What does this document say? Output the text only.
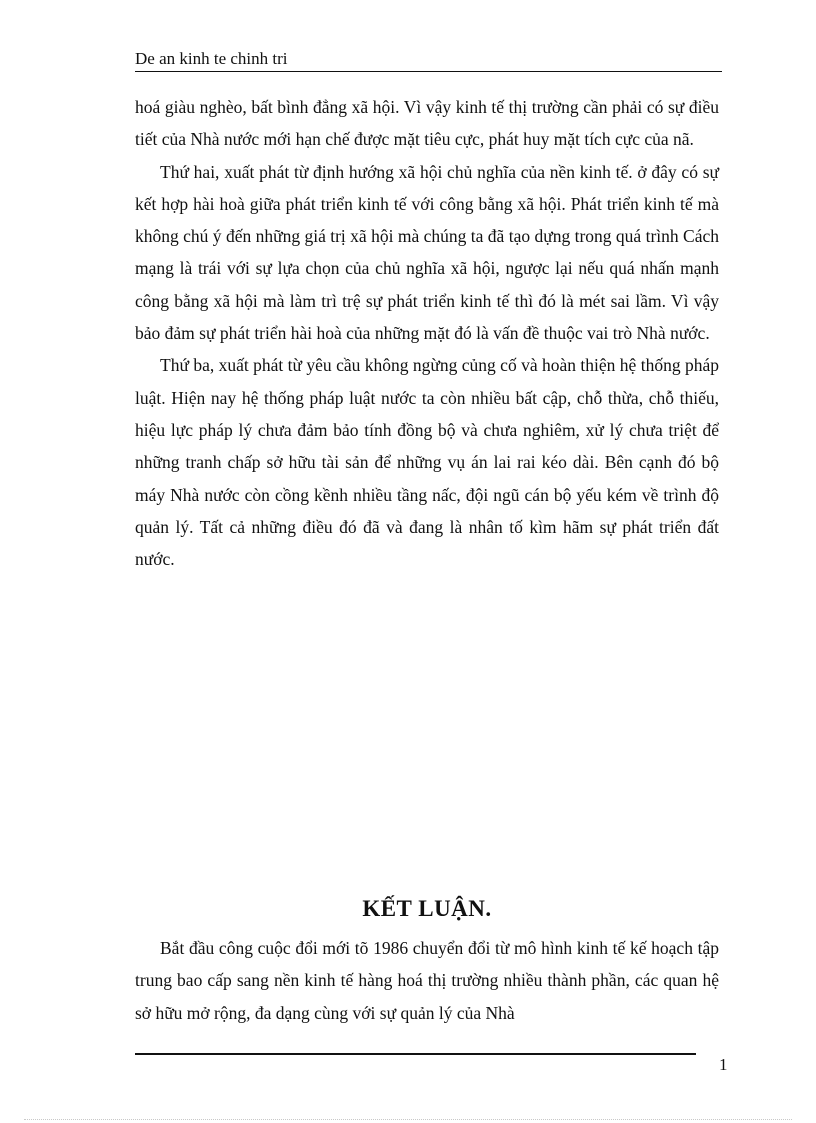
De an kinh te chinh tri

hoá giàu nghèo, bất bình đẳng xã hội. Vì vậy kinh tế thị trường cần phải có sự điều tiết của Nhà nước mới hạn chế được mặt tiêu cực, phát huy mặt tích cực của nã.

Thứ hai, xuất phát từ định hướng xã hội chủ nghĩa của nền kinh tế. ở đây có sự kết hợp hài hoà giữa phát triển kinh tế với công bằng xã hội. Phát triển kinh tế mà không chú ý đến những giá trị xã hội mà chúng ta đã tạo dựng trong quá trình Cách mạng là trái với sự lựa chọn của chủ nghĩa xã hội, ngược lại nếu quá nhấn mạnh công bằng xã hội mà làm trì trệ sự phát triển kinh tế thì đó là mét sai lầm. Vì vậy bảo đảm sự phát triển hài hoà của những mặt đó là vấn đề thuộc vai trò Nhà nước.

Thứ ba, xuất phát từ yêu cầu không ngừng củng cố và hoàn thiện hệ thống pháp luật. Hiện nay hệ thống pháp luật nước ta còn nhiều bất cập, chỗ thừa, chỗ thiếu, hiệu lực pháp lý chưa đảm bảo tính đồng bộ và chưa nghiêm, xử lý chưa triệt để những tranh chấp sở hữu tài sản để những vụ án lai rai kéo dài. Bên cạnh đó bộ máy Nhà nước còn cồng kềnh nhiều tầng nấc, đội ngũ cán bộ yếu kém về trình độ quản lý. Tất cả những điều đó đã và đang là nhân tố kìm hãm sự phát triển đất nước.

KẾT LUẬN.

Bắt đầu công cuộc đổi mới tõ 1986 chuyển đổi từ mô hình kinh tế kế hoạch tập trung bao cấp sang nền kinh tế hàng hoá thị trường nhiều thành phần, các quan hệ sở hữu mở rộng, đa dạng cùng với sự quản lý của Nhà

1
